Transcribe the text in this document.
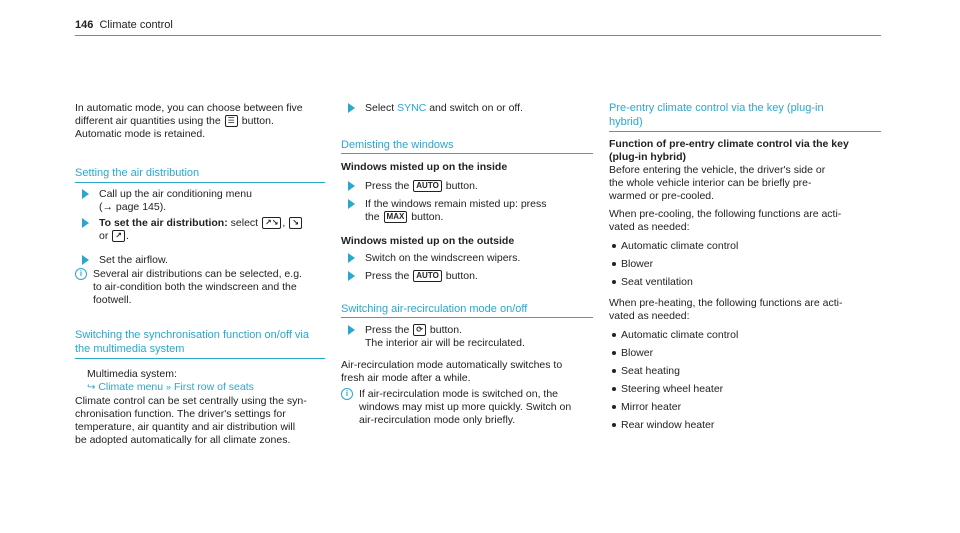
146 Climate control

In automatic mode, you can choose between five

different air quantities using the ☰ button.

Automatic mode is retained.

Setting the air distribution
Call up the air conditioning menu
(→ page 145).
To set the air distribution: select ↗↘ , ↘
or ↗ .
Set the airflow.
i	Several air distributions can be selected, e.g.
to air-condition both the windscreen and the
footwell.
Switching the synchronisation function on/off via
the multimedia system

Multimedia system:

↪ Climate menu » First row of seats

Climate control can be set centrally using the syn-

chronisation function. The driver's settings for

temperature, air quantity and air distribution will

be adopted automatically for all climate zones.

Select SYNC and switch on or off.
Demisting the windows

Windows misted up on the inside

Press the AUTO button.
If the windows remain misted up: press
the MAX button.

Windows misted up on the outside

Switch on the windscreen wipers.
Press the AUTO button.
Switching air-recirculation mode on/off
Press the ⟳ button.
The interior air will be recirculated.

Air-recirculation mode automatically switches to

fresh air mode after a while.

i	If air-recirculation mode is switched on, the
windows may mist up more quickly. Switch on
air-recirculation mode only briefly.
Pre-entry climate control via the key (plug-in
hybrid)

Function of pre-entry climate control via the key

(plug-in hybrid)

Before entering the vehicle, the driver's side or

the whole vehicle interior can be briefly pre-

warmed or pre-cooled.

When pre-cooling, the following functions are acti-

vated as needed:

Automatic climate control
Blower
Seat ventilation

When pre-heating, the following functions are acti-

vated as needed:

Automatic climate control
Blower
Seat heating
Steering wheel heater
Mirror heater
Rear window heater
